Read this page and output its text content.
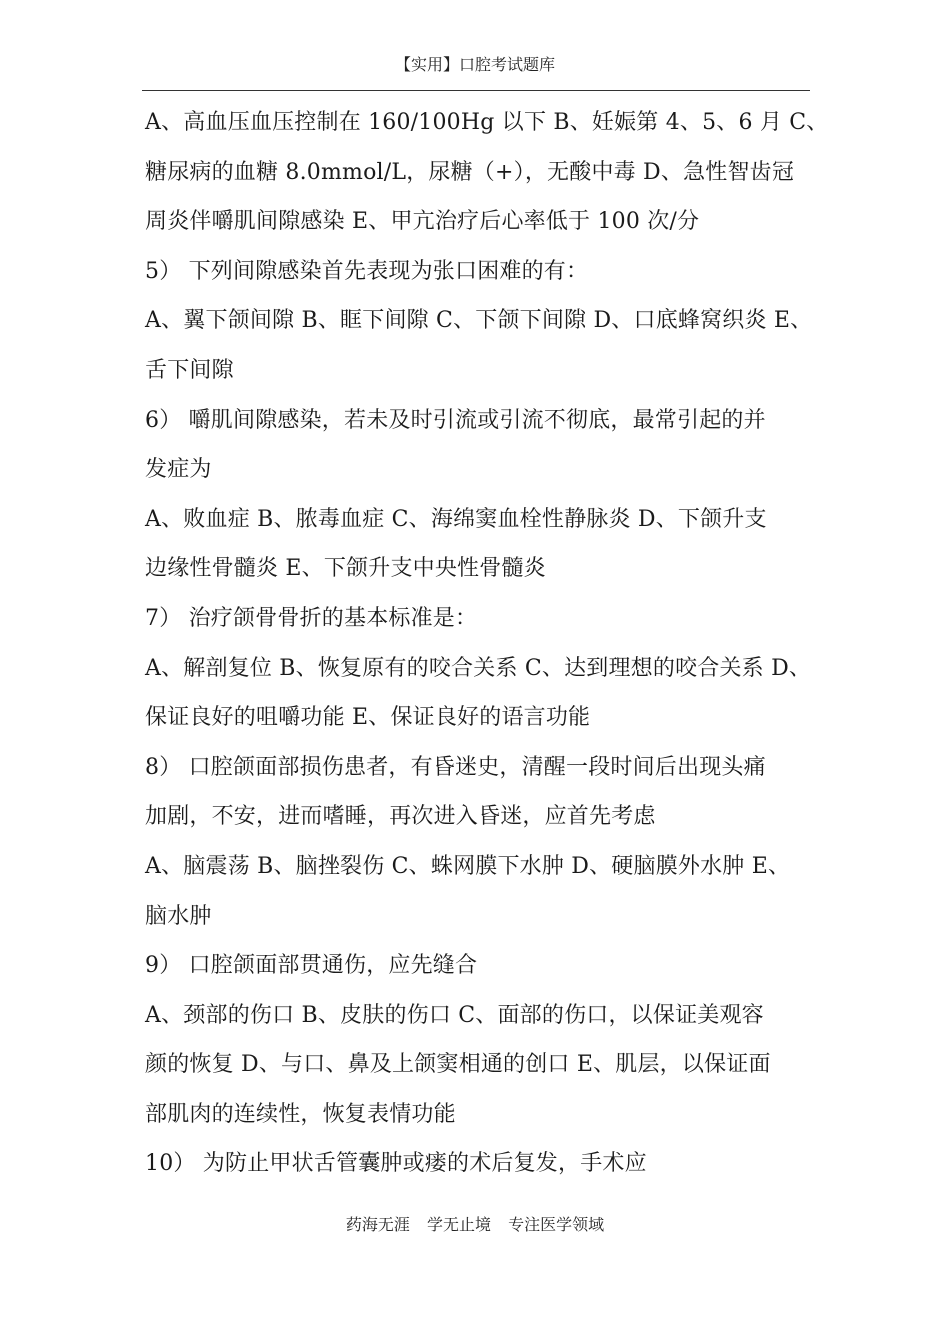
【实用】口腔考试题库
A、高血压血压控制在 160/100Hg 以下 B、妊娠第 4、5、6 月 C、
糖尿病的血糖 8.0mmol/L，尿糖（+），无酸中毒 D、急性智齿冠
周炎伴嚼肌间隙感染 E、甲亢治疗后心率低于 100 次/分
5） 下列间隙感染首先表现为张口困难的有：
A、翼下颌间隙 B、眶下间隙 C、下颌下间隙 D、口底蜂窝织炎 E、
舌下间隙
6） 嚼肌间隙感染，若未及时引流或引流不彻底，最常引起的并
发症为
A、败血症 B、脓毒血症 C、海绵窦血栓性静脉炎 D、下颌升支
边缘性骨髓炎 E、下颌升支中央性骨髓炎
7） 治疗颌骨骨折的基本标准是：
A、解剖复位 B、恢复原有的咬合关系 C、达到理想的咬合关系 D、
保证良好的咀嚼功能 E、保证良好的语言功能
8） 口腔颌面部损伤患者，有昏迷史，清醒一段时间后出现头痛
加剧，不安，进而嗜睡，再次进入昏迷，应首先考虑
A、脑震荡 B、脑挫裂伤 C、蛛网膜下水肿 D、硬脑膜外水肿 E、
脑水肿
9） 口腔颌面部贯通伤，应先缝合
A、颈部的伤口 B、皮肤的伤口 C、面部的伤口，以保证美观容
颜的恢复 D、与口、鼻及上颌窦相通的创口 E、肌层，以保证面
部肌肉的连续性，恢复表情功能
10） 为防止甲状舌管囊肿或瘘的术后复发，手术应
药海无涯 学无止境 专注医学领域
